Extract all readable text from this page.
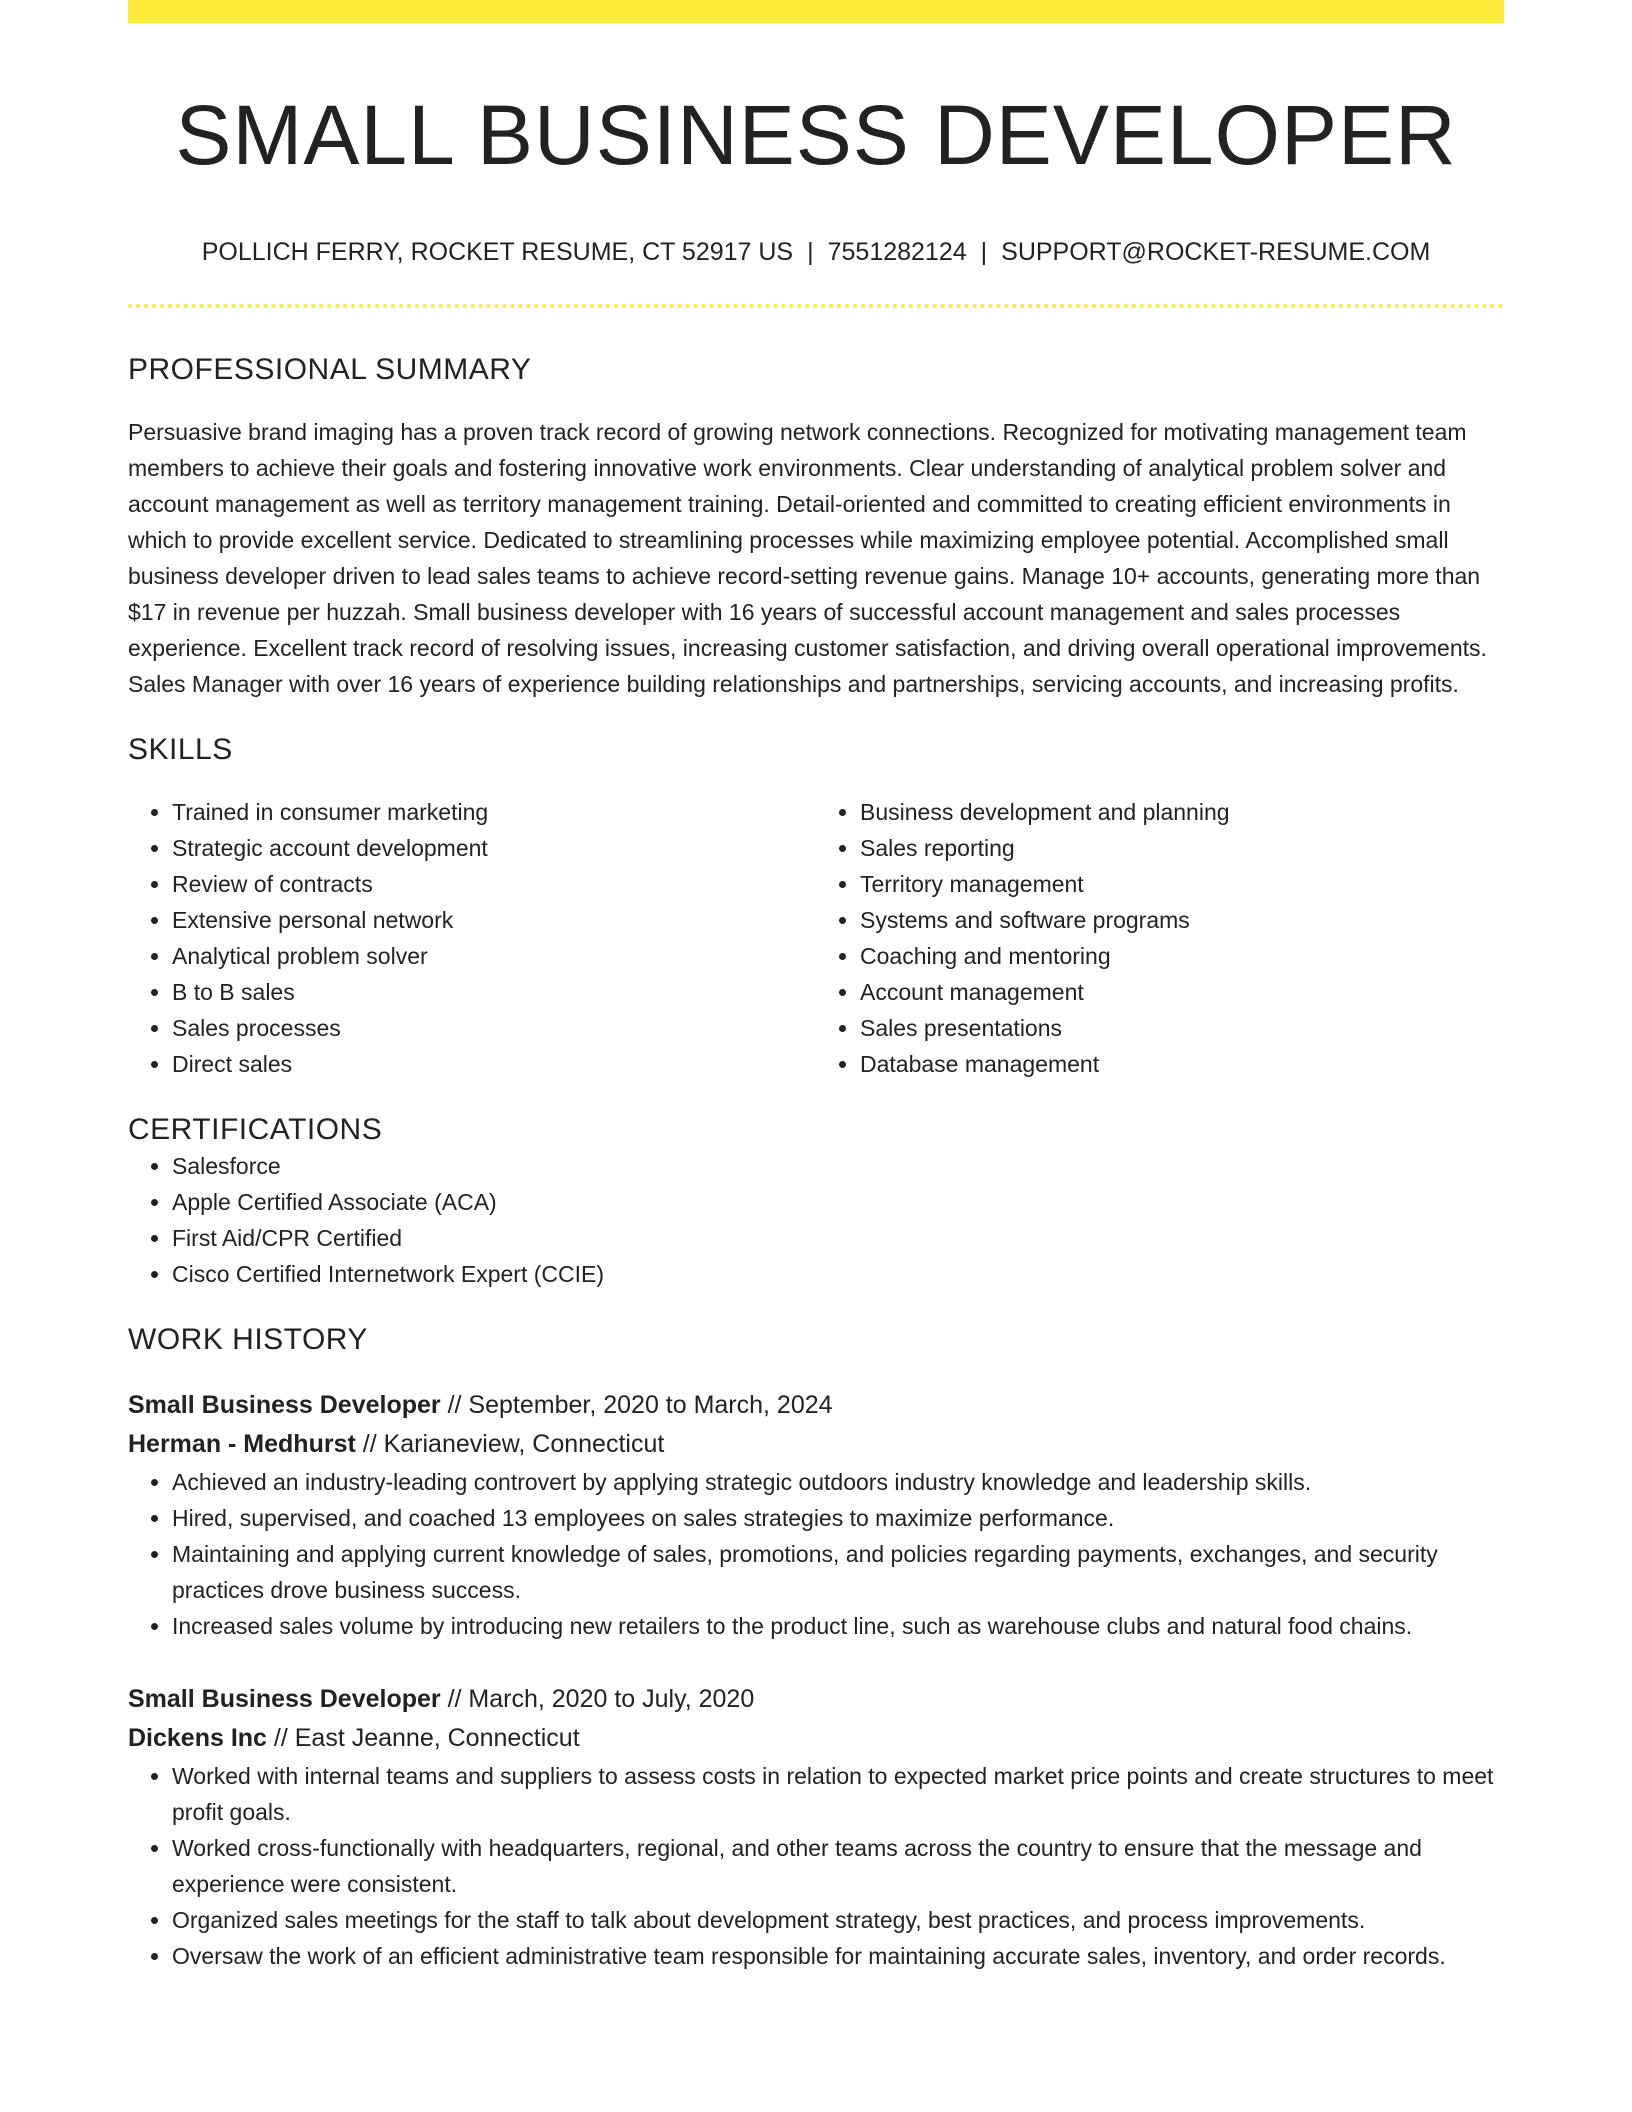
SMALL BUSINESS DEVELOPER
POLLICH FERRY, ROCKET RESUME, CT 52917 US | 7551282124 | SUPPORT@ROCKET-RESUME.COM
PROFESSIONAL SUMMARY

Persuasive brand imaging has a proven track record of growing network connections. Recognized for motivating management team members to achieve their goals and fostering innovative work environments. Clear understanding of analytical problem solver and account management as well as territory management training. Detail-oriented and committed to creating efficient environments in which to provide excellent service. Dedicated to streamlining processes while maximizing employee potential. Accomplished small business developer driven to lead sales teams to achieve record-setting revenue gains. Manage 10+ accounts, generating more than $17 in revenue per huzzah. Small business developer with 16 years of successful account management and sales processes experience. Excellent track record of resolving issues, increasing customer satisfaction, and driving overall operational improvements. Sales Manager with over 16 years of experience building relationships and partnerships, servicing accounts, and increasing profits.

SKILLS
• Trained in consumer marketing
• Strategic account development
• Review of contracts
• Extensive personal network
• Analytical problem solver
• B to B sales
• Sales processes
• Direct sales
• Business development and planning
• Sales reporting
• Territory management
• Systems and software programs
• Coaching and mentoring
• Account management
• Sales presentations
• Database management
CERTIFICATIONS
• Salesforce
• Apple Certified Associate (ACA)
• First Aid/CPR Certified
• Cisco Certified Internetwork Expert (CCIE)
WORK HISTORY
Small Business Developer // September, 2020 to March, 2024
Herman - Medhurst // Karianeview, Connecticut
• Achieved an industry-leading controvert by applying strategic outdoors industry knowledge and leadership skills.
• Hired, supervised, and coached 13 employees on sales strategies to maximize performance.
• Maintaining and applying current knowledge of sales, promotions, and policies regarding payments, exchanges, and security practices drove business success.
• Increased sales volume by introducing new retailers to the product line, such as warehouse clubs and natural food chains.
Small Business Developer // March, 2020 to July, 2020
Dickens Inc // East Jeanne, Connecticut
• Worked with internal teams and suppliers to assess costs in relation to expected market price points and create structures to meet profit goals.
• Worked cross-functionally with headquarters, regional, and other teams across the country to ensure that the message and experience were consistent.
• Organized sales meetings for the staff to talk about development strategy, best practices, and process improvements.
• Oversaw the work of an efficient administrative team responsible for maintaining accurate sales, inventory, and order records.
